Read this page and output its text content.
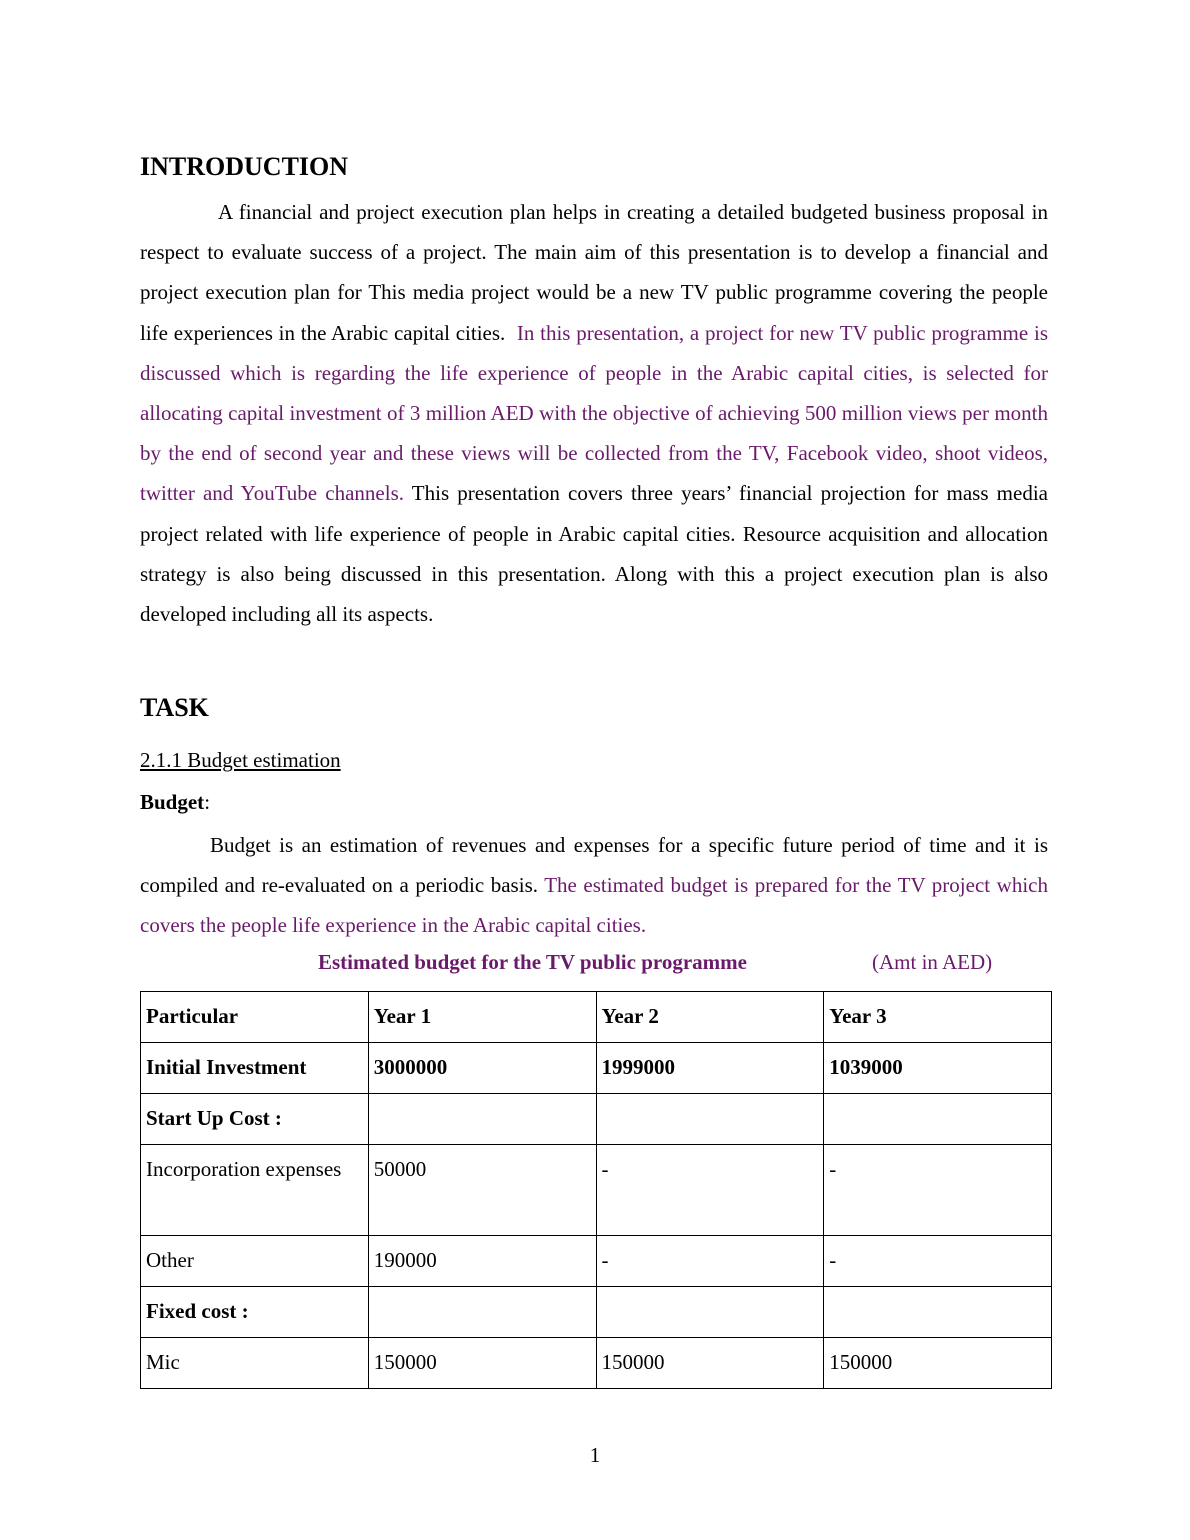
INTRODUCTION

A financial and project execution plan helps in creating a detailed budgeted business proposal in respect to evaluate success of a project. The main aim of this presentation is to develop a financial and project execution plan for This media project would be a new TV public programme covering the people life experiences in the Arabic capital cities. In this presentation, a project for new TV public programme is discussed which is regarding the life experience of people in the Arabic capital cities, is selected for allocating capital investment of 3 million AED with the objective of achieving 500 million views per month by the end of second year and these views will be collected from the TV, Facebook video, shoot videos, twitter and YouTube channels. This presentation covers three years’ financial projection for mass media project related with life experience of people in Arabic capital cities. Resource acquisition and allocation strategy is also being discussed in this presentation. Along with this a project execution plan is also developed including all its aspects.

TASK
2.1.1 Budget estimation
Budget:

Budget is an estimation of revenues and expenses for a specific future period of time and it is compiled and re-evaluated on a periodic basis. The estimated budget is prepared for the TV project which covers the people life experience in the Arabic capital cities.

Estimated budget for the TV public programme	(Amt in AED)
Particular	Year 1	Year 2	Year 3
Initial Investment	3000000	1999000	1039000
Start Up Cost :			
Incorporation expenses	50000	-	-
Other	190000	-	-
Fixed cost :			
Mic	150000	150000	150000
1
